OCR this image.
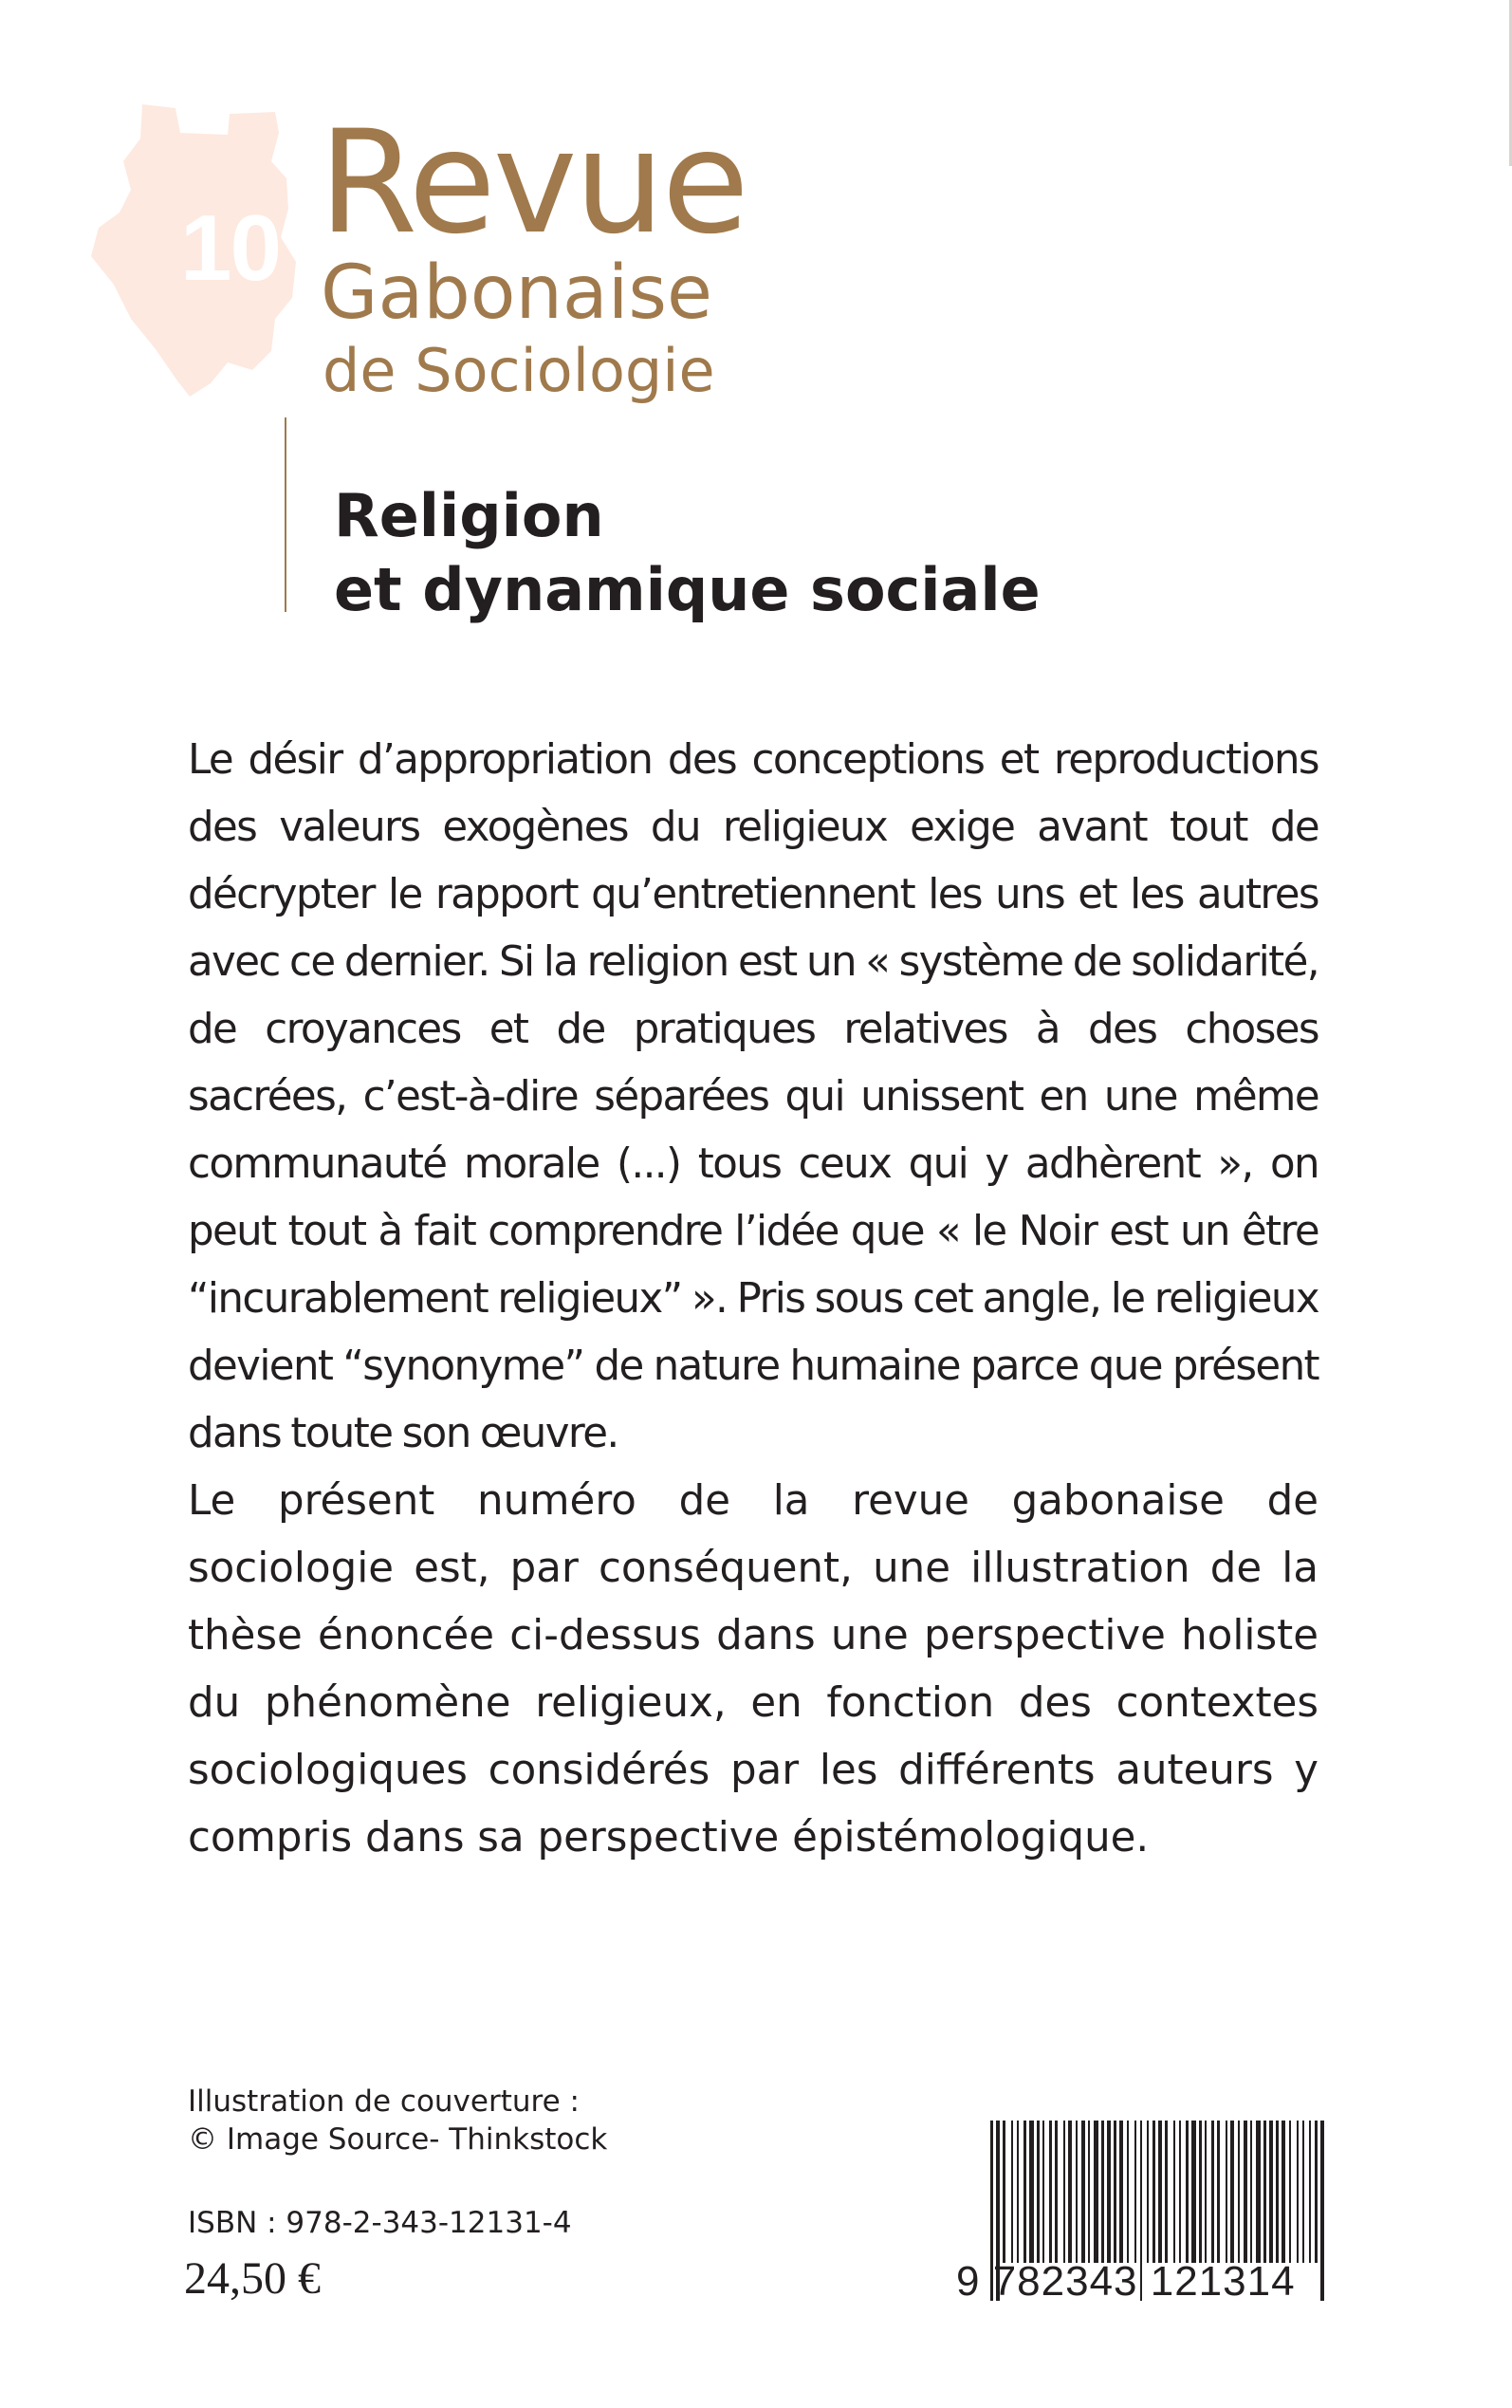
10 Revue
Gabonaise
de Sociologie
Religion
et dynamique sociale

Le désir d’appropriation des conceptions et reproductions des valeurs exogènes du religieux exige avant tout de décrypter le rapport qu’entretiennent les uns et les autres avec ce dernier. Si la religion est un « système de solidarité, de croyances et de pratiques relatives à des choses sacrées, c’est-à-dire séparées qui unissent en une même communauté morale (...) tous ceux qui y adhèrent », on peut tout à fait comprendre l’idée que « le Noir est un être “incurablement religieux” ». Pris sous cet angle, le religieux devient “synonyme” de nature humaine parce que présent dans toute son œuvre.

Le présent numéro de la revue gabonaise de sociologie est, par conséquent, une illustration de la thèse énoncée ci-dessus dans une perspective holiste du phénomène religieux, en fonction des contextes sociologiques considérés par les différents auteurs y compris dans sa perspective épistémologique.

Illustration de couverture :
© Image Source- Thinkstock
ISBN : 978-2-343-12131-4
24,50 €	9 782343 121314
